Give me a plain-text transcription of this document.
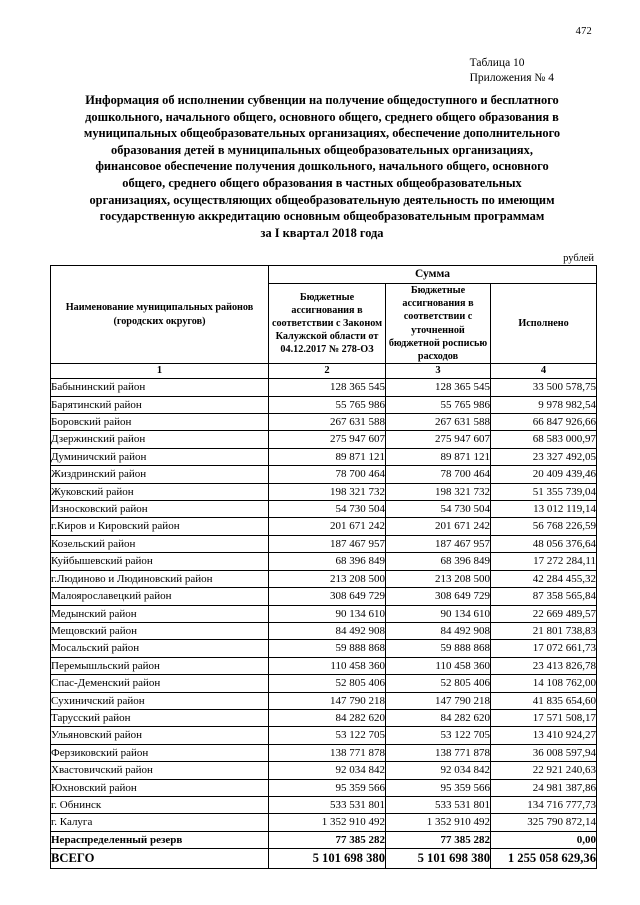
472
Таблица 10
Приложения № 4
Информация об исполнении субвенции на получение общедоступного и бесплатного
дошкольного, начального общего, основного общего, среднего общего образования в
муниципальных общеобразовательных организациях, обеспечение дополнительного
образования детей в муниципальных общеобразовательных организациях,
финансовое обеспечение получения дошкольного, начального общего, основного
общего, среднего общего образования в частных общеобразовательных
организациях, осуществляющих общеобразовательную деятельность по имеющим
государственную аккредитацию основным общеобразовательным программам
за I квартал 2018 года
рублей
Наименование муниципальных районов (городских округов)	Сумма		
	Бюджетные ассигнования в соответствии с Законом Калужской области от 04.12.2017 № 278-ОЗ	Бюджетные ассигнования в соответствии с уточненной бюджетной росписью расходов	Исполнено
1	2	3	4
Бабынинский район	128 365 545	128 365 545	33 500 578,75
Барятинский район	55 765 986	55 765 986	9 978 982,54
Боровский район	267 631 588	267 631 588	66 847 926,66
Дзержинский район	275 947 607	275 947 607	68 583 000,97
Думиничский район	89 871 121	89 871 121	23 327 492,05
Жиздринский район	78 700 464	78 700 464	20 409 439,46
Жуковский район	198 321 732	198 321 732	51 355 739,04
Износковский район	54 730 504	54 730 504	13 012 119,14
г.Киров и Кировский район	201 671 242	201 671 242	56 768 226,59
Козельский район	187 467 957	187 467 957	48 056 376,64
Куйбышевский район	68 396 849	68 396 849	17 272 284,11
г.Людиново и Людиновский район	213 208 500	213 208 500	42 284 455,32
Малоярославецкий район	308 649 729	308 649 729	87 358 565,84
Медынский район	90 134 610	90 134 610	22 669 489,57
Мещовский район	84 492 908	84 492 908	21 801 738,83
Мосальский район	59 888 868	59 888 868	17 072 661,73
Перемышльский район	110 458 360	110 458 360	23 413 826,78
Спас-Деменский район	52 805 406	52 805 406	14 108 762,00
Сухиничский район	147 790 218	147 790 218	41 835 654,60
Тарусский район	84 282 620	84 282 620	17 571 508,17
Ульяновский район	53 122 705	53 122 705	13 410 924,27
Ферзиковский район	138 771 878	138 771 878	36 008 597,94
Хвастовичский район	92 034 842	92 034 842	22 921 240,63
Юхновский район	95 359 566	95 359 566	24 981 387,86
г. Обнинск	533 531 801	533 531 801	134 716 777,73
г. Калуга	1 352 910 492	1 352 910 492	325 790 872,14
Нераспределенный резерв	77 385 282	77 385 282	0,00
ВСЕГО	5 101 698 380	5 101 698 380	1 255 058 629,36
